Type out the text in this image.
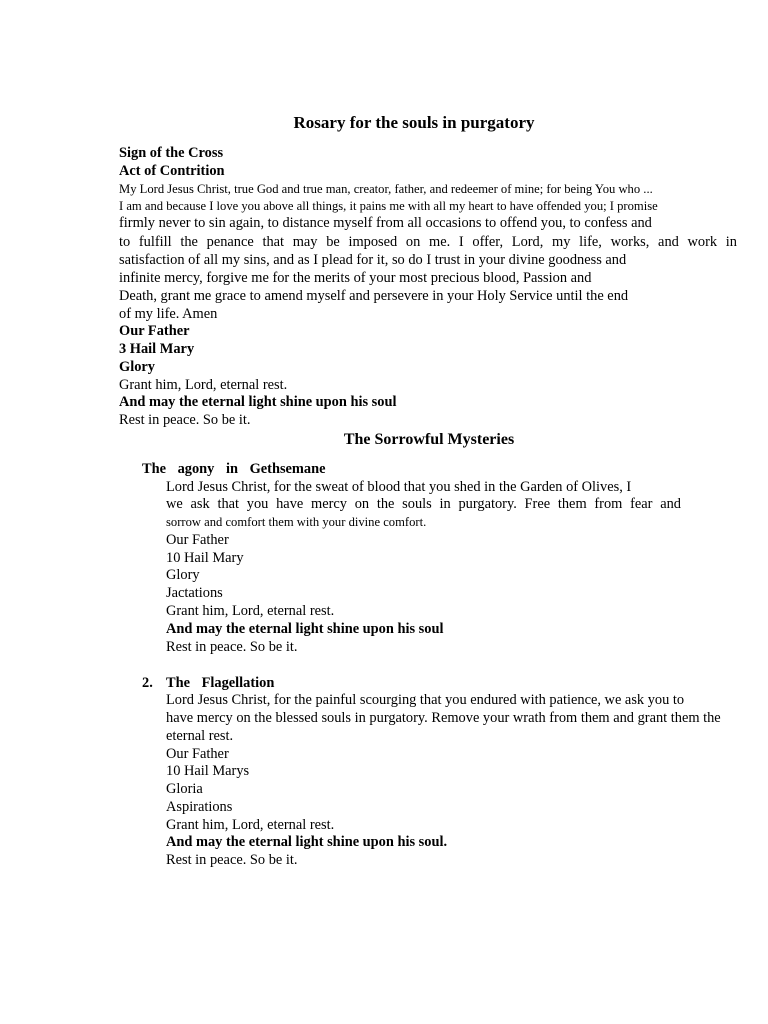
Rosary for the souls in purgatory
Sign of the Cross
Act of Contrition
My Lord Jesus Christ, true God and true man, creator, father, and redeemer of mine; for being You who ...
I am and because I love you above all things, it pains me with all my heart to have offended you; I promise
firmly never to sin again, to distance myself from all occasions to offend you, to confess and
to fulfill the penance that may be imposed on me. I offer, Lord, my life, works, and work in
satisfaction of all my sins, and as I plead for it, so do I trust in your divine goodness and
infinite mercy, forgive me for the merits of your most precious blood, Passion and
Death, grant me grace to amend myself and persevere in your Holy Service until the end
of my life. Amen
Our Father
3 Hail Mary
Glory
Grant him, Lord, eternal rest.
And may the eternal light shine upon his soul
Rest in peace. So be it.
The Sorrowful Mysteries
The agony in Gethsemane
Lord Jesus Christ, for the sweat of blood that you shed in the Garden of Olives, I
we ask that you have mercy on the souls in purgatory. Free them from fear and
sorrow and comfort them with your divine comfort.
Our Father
10 Hail Mary
Glory
Jactations
Grant him, Lord, eternal rest.
And may the eternal light shine upon his soul
Rest in peace. So be it.
2. The Flagellation
Lord Jesus Christ, for the painful scourging that you endured with patience, we ask you to
have mercy on the blessed souls in purgatory. Remove your wrath from them and grant them the
eternal rest.
Our Father
10 Hail Marys
Gloria
Aspirations
Grant him, Lord, eternal rest.
And may the eternal light shine upon his soul.
Rest in peace. So be it.
